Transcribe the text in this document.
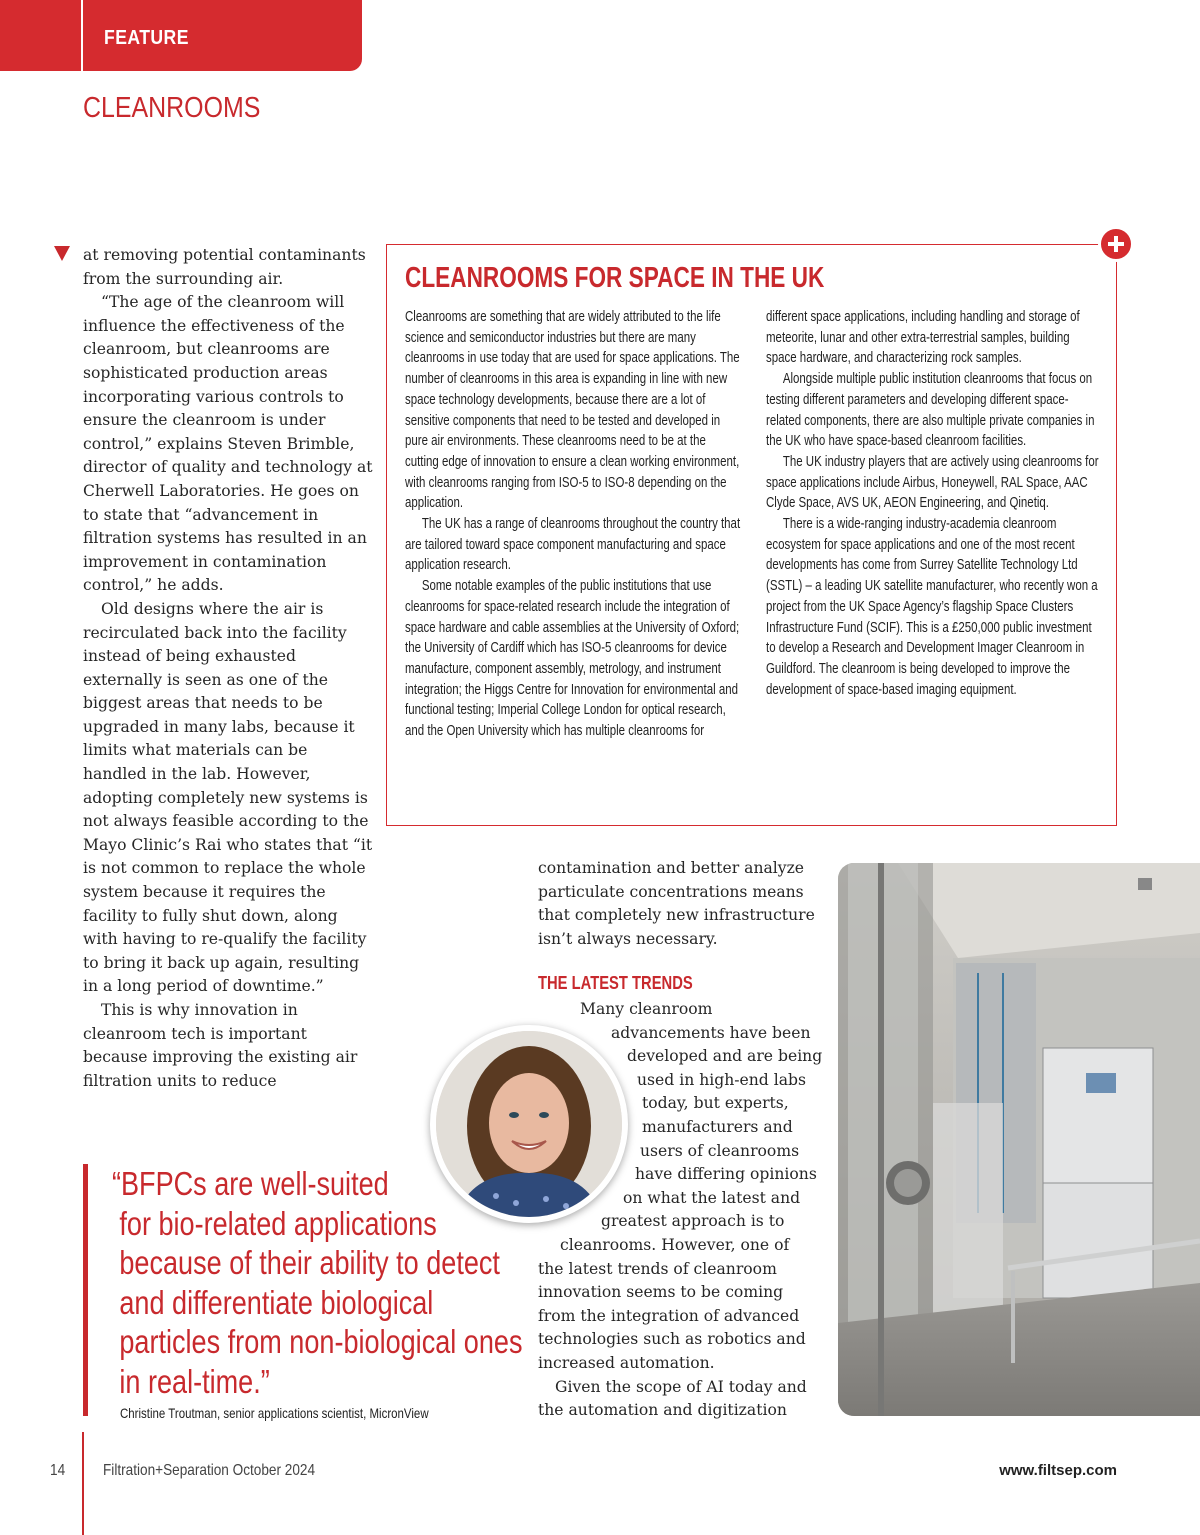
FEATURE
CLEANROOMS

at removing potential contaminants from the surrounding air.

“The age of the cleanroom will influence the effectiveness of the cleanroom, but cleanrooms are sophisticated production areas incorporating various controls to ensure the cleanroom is under control,” explains Steven Brimble, director of quality and technology at Cherwell Laboratories. He goes on to state that “advancement in filtration systems has resulted in an improvement in contamination control,” he adds.

Old designs where the air is recirculated back into the facility instead of being exhausted externally is seen as one of the biggest areas that needs to be upgraded in many labs, because it limits what materials can be handled in the lab. However, adopting completely new systems is not always feasible according to the Mayo Clinic’s Rai who states that “it is not common to replace the whole system because it requires the facility to fully shut down, along with having to re-qualify the facility to bring it back up again, resulting in a long period of downtime.”

This is why innovation in cleanroom tech is important because improving the existing air filtration units to reduce

CLEANROOMS FOR SPACE IN THE UK

Cleanrooms are something that are widely attributed to the life science and semiconductor industries but there are many cleanrooms in use today that are used for space applications. The number of cleanrooms in this area is expanding in line with new space technology developments, because there are a lot of sensitive components that need to be tested and developed in pure air environments. These cleanrooms need to be at the cutting edge of innovation to ensure a clean working environment, with cleanrooms ranging from ISO-5 to ISO-8 depending on the application.

The UK has a range of cleanrooms throughout the country that are tailored toward space component manufacturing and space application research.

Some notable examples of the public institutions that use cleanrooms for space-related research include the integration of space hardware and cable assemblies at the University of Oxford; the University of Cardiff which has ISO-5 cleanrooms for device manufacture, component assembly, metrology, and instrument integration; the Higgs Centre for Innovation for environmental and functional testing; Imperial College London for optical research, and the Open University which has multiple cleanrooms for

different space applications, including handling and storage of meteorite, lunar and other extra-terrestrial samples, building space hardware, and characterizing rock samples.

Alongside multiple public institution cleanrooms that focus on testing different parameters and developing different space-related components, there are also multiple private companies in the UK who have space-based cleanroom facilities.

The UK industry players that are actively using cleanrooms for space applications include Airbus, Honeywell, RAL Space, AAC Clyde Space, AVS UK, AEON Engineering, and Qinetiq.

There is a wide-ranging industry-academia cleanroom ecosystem for space applications and one of the most recent developments has come from Surrey Satellite Technology Ltd (SSTL) – a leading UK satellite manufacturer, who recently won a project from the UK Space Agency’s flagship Space Clusters Infrastructure Fund (SCIF). This is a £250,000 public investment to develop a Research and Development Imager Cleanroom in Guildford. The cleanroom is being developed to improve the development of space-based imaging equipment.

contamination and better analyze particulate concentrations means that completely new infrastructure isn’t always necessary.

THE LATEST TRENDS
Many cleanroom
advancements have been
developed and are being
used in high-end labs
today, but experts,
manufacturers and
users of cleanrooms
have differing opinions
on what the latest and
greatest approach is to
cleanrooms. However, one of
the latest trends of cleanroom
innovation seems to be coming
from the integration of advanced
technologies such as robotics and
increased automation.
Given the scope of AI today and
the automation and digitization
“BFPCs are well-suited
for bio-related applications
because of their ability to detect
and differentiate biological
particles from non-biological ones
in real-time.”
Christine Troutman, senior applications scientist, MicronView
14 Filtration+Separation October 2024	www.filtsep.com
